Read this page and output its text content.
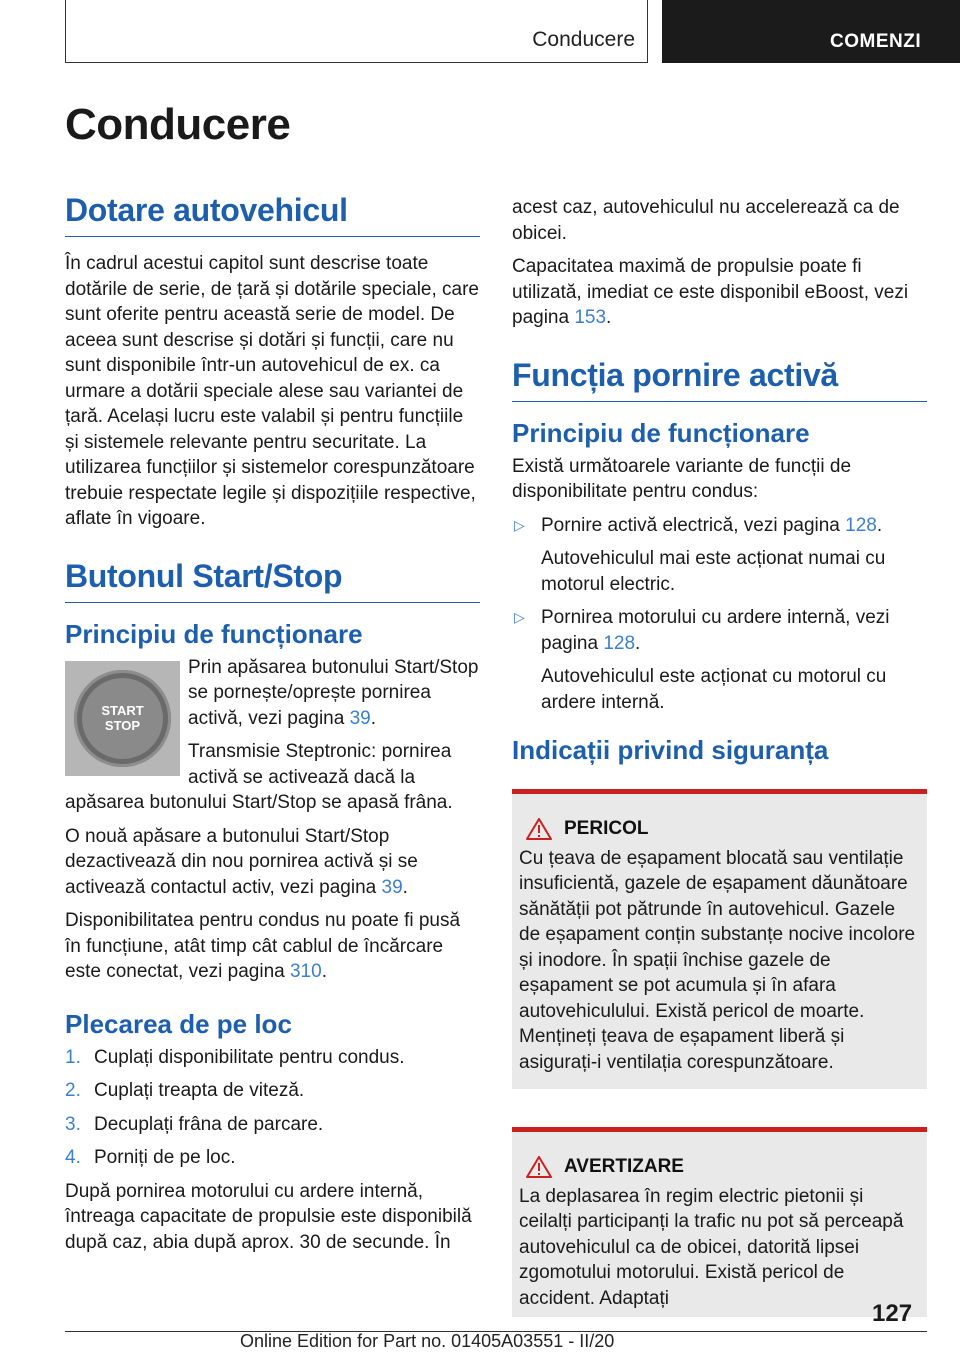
Conducere	COMENZI
Conducere
Dotare autovehicul

În cadrul acestui capitol sunt descrise toate dotările de serie, de țară și dotările speciale, care sunt oferite pentru această serie de model. De aceea sunt descrise și dotări și funcții, care nu sunt disponibile într-un autovehicul de ex. ca urmare a dotării speciale alese sau variantei de țară. Același lucru este valabil și pentru funcțiile și sistemele relevante pentru securitate. La utilizarea funcțiilor și sistemelor corespunzătoare trebuie respectate legile și dispozițiile respective, aflate în vigoare.

Butonul Start/Stop
Principiu de funcționare
START
STOP

Prin apăsarea butonului Start/Stop se pornește/oprește pornirea activă, vezi pagina 39.

Transmisie Steptronic: pornirea activă se activează dacă la apăsarea butonului Start/Stop se apasă frâna.

O nouă apăsare a butonului Start/Stop dezactivează din nou pornirea activă și se activează contactul activ, vezi pagina 39.

Disponibilitatea pentru condus nu poate fi pusă în funcțiune, atât timp cât cablul de încărcare este conectat, vezi pagina 310.

Plecarea de pe loc
1. Cuplați disponibilitate pentru condus.
2. Cuplați treapta de viteză.
3. Decuplați frâna de parcare.
4. Porniți de pe loc.

După pornirea motorului cu ardere internă, întreaga capacitate de propulsie este disponibilă după caz, abia după aprox. 30 de secunde. În

acest caz, autovehiculul nu accelerează ca de obicei.

Capacitatea maximă de propulsie poate fi utilizată, imediat ce este disponibil eBoost, vezi pagina 153.

Funcția pornire activă
Principiu de funcționare

Există următoarele variante de funcții de disponibilitate pentru condus:

▷ Pornire activă electrică, vezi pagina 128.

Autovehiculul mai este acționat numai cu motorul electric.

▷ Pornirea motorului cu ardere internă, vezi pagina 128.

Autovehiculul este acționat cu motorul cu ardere internă.

Indicații privind siguranța
PERICOL

Cu țeava de eșapament blocată sau ventilație insuficientă, gazele de eșapament dăunătoare sănătății pot pătrunde în autovehicul. Gazele de eșapament conțin substanțe nocive incolore și inodore. În spații închise gazele de eșapament se pot acumula și în afara autovehiculului. Există pericol de moarte. Mențineți țeava de eșapament liberă și asigurați-i ventilația corespunzătoare.

AVERTIZARE

La deplasarea în regim electric pietonii și ceilalți participanți la trafic nu pot să perceapă autovehiculul ca de obicei, datorită lipsei zgomotului motorului. Există pericol de accident. Adaptați

127
Online Edition for Part no. 01405A03551 - II/20
